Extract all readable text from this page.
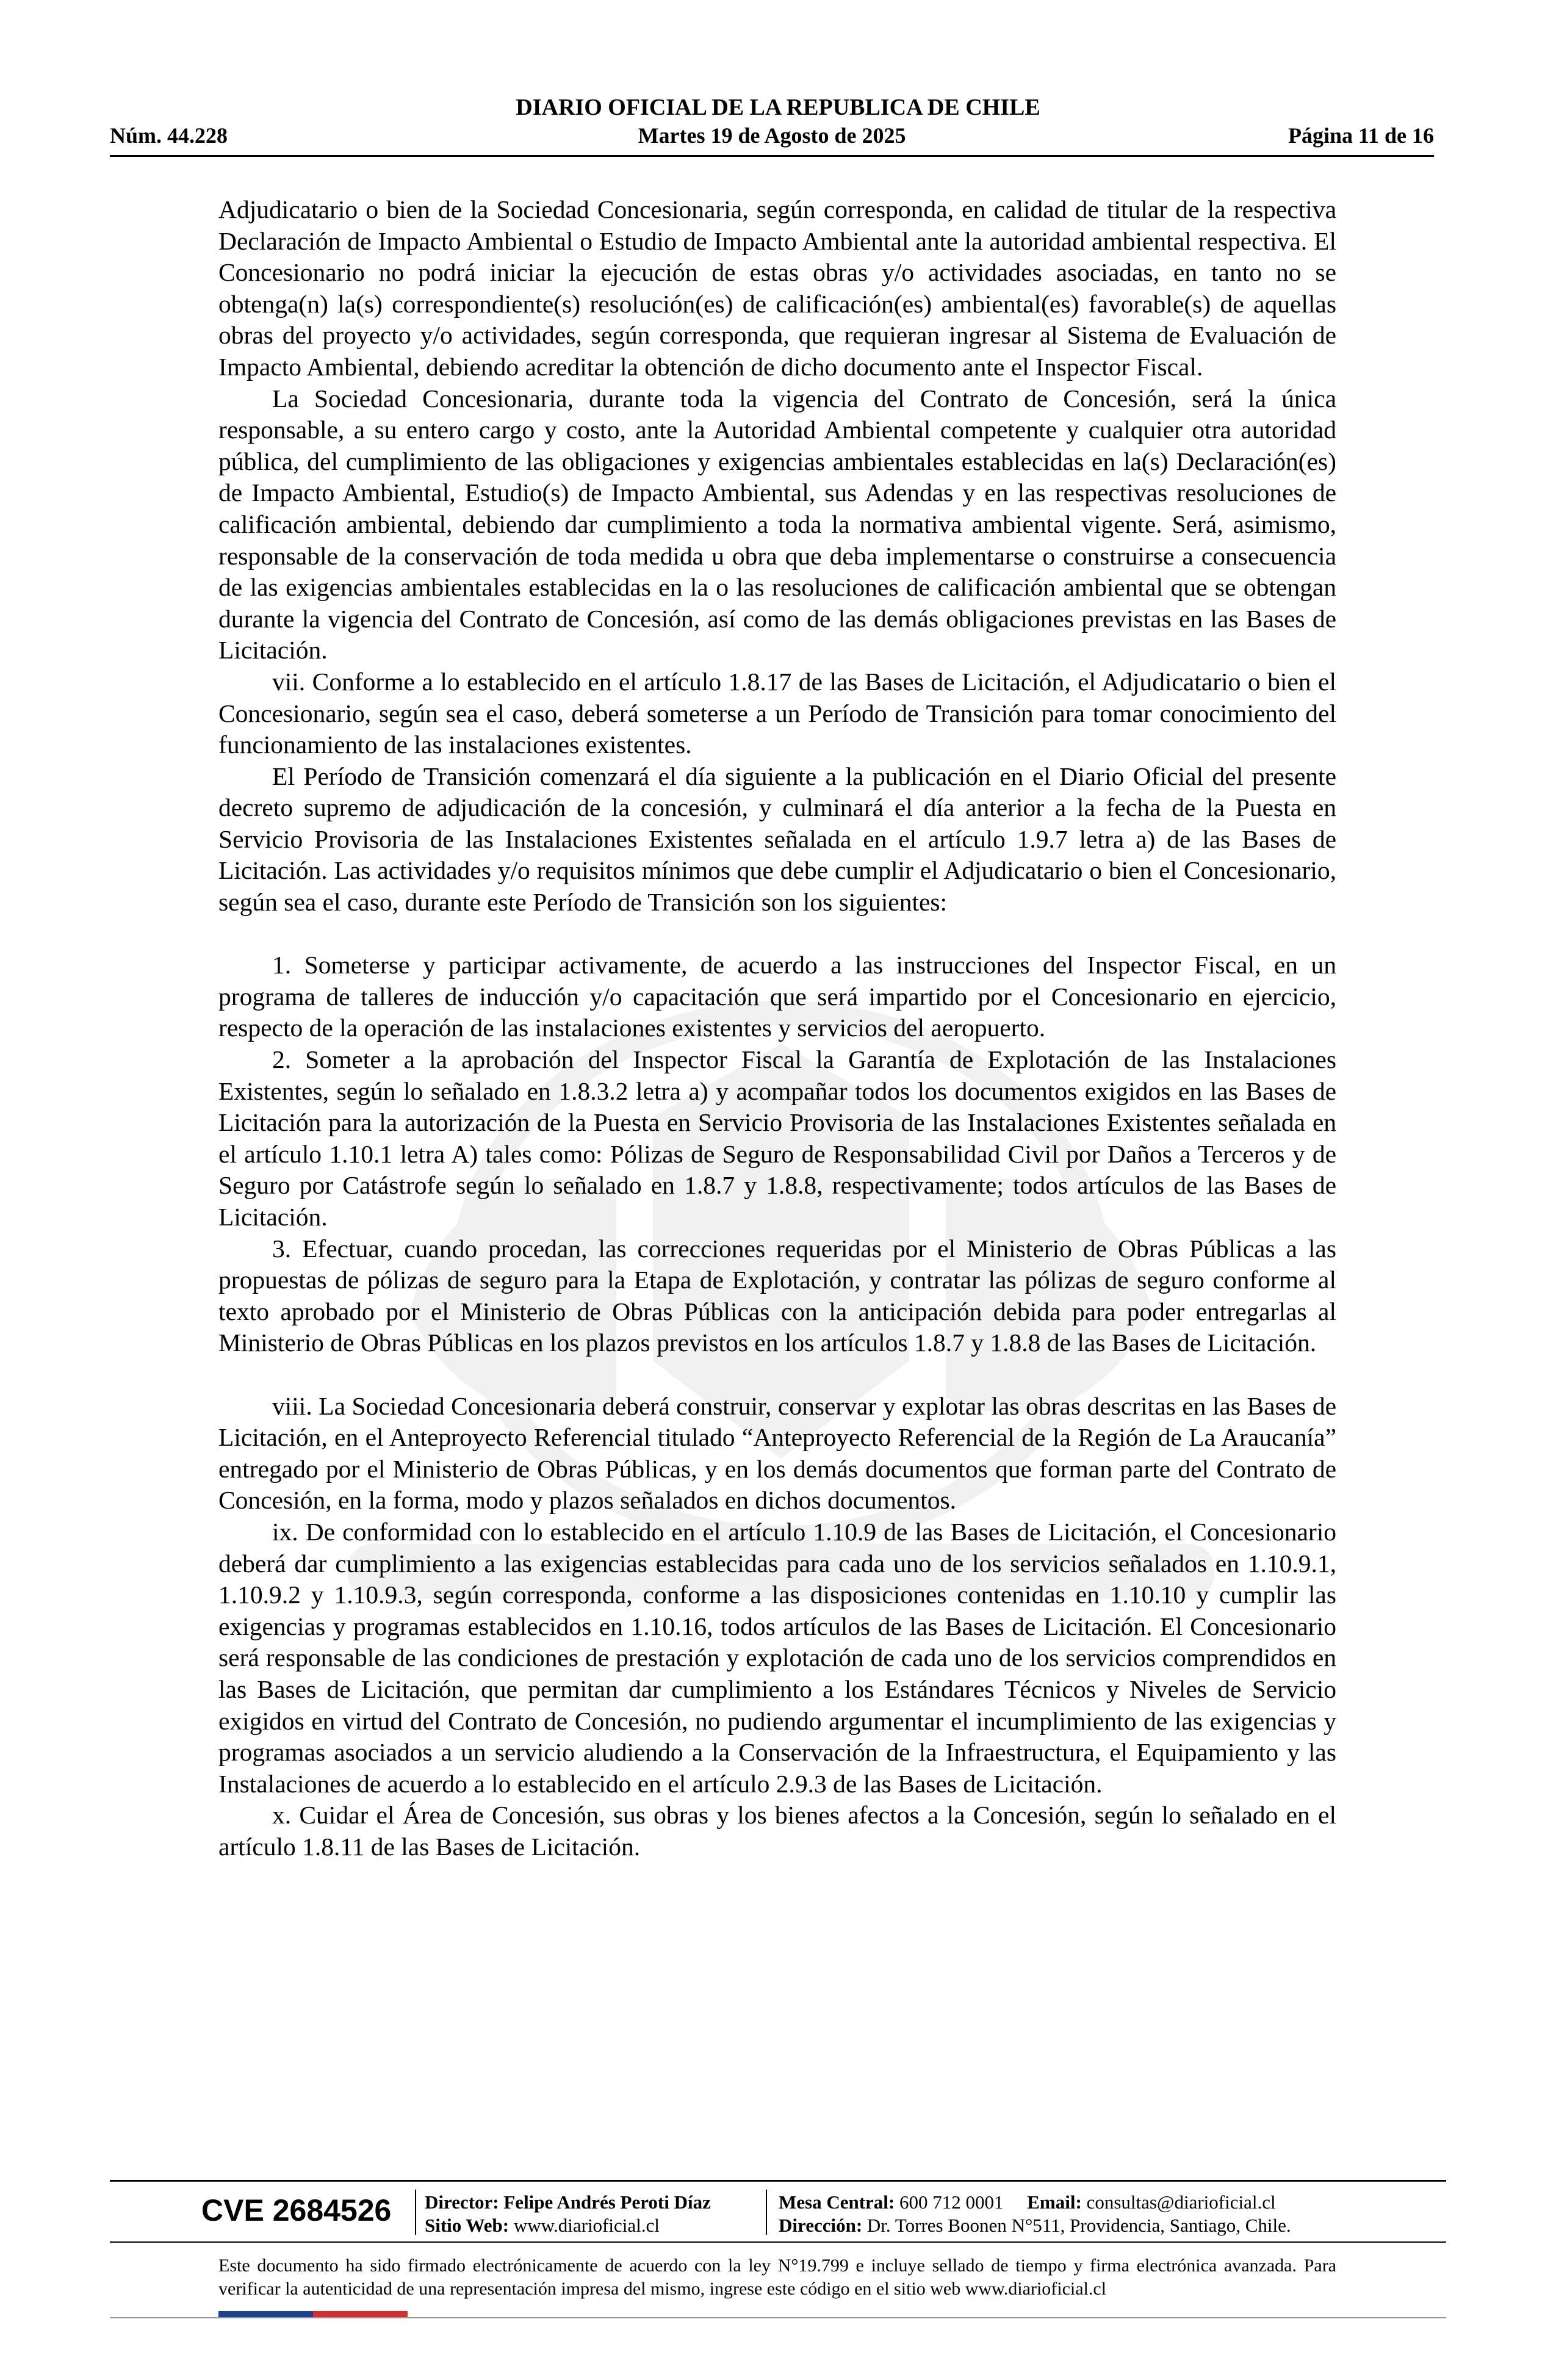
DIARIO OFICIAL DE LA REPUBLICA DE CHILE
Núm. 44.228	Martes 19 de Agosto de 2025	Página 11 de 16

Adjudicatario o bien de la Sociedad Concesionaria, según corresponda, en calidad de titular de la respectiva Declaración de Impacto Ambiental o Estudio de Impacto Ambiental ante la autoridad ambiental respectiva. El Concesionario no podrá iniciar la ejecución de estas obras y/o actividades asociadas, en tanto no se obtenga(n) la(s) correspondiente(s) resolución(es) de calificación(es) ambiental(es) favorable(s) de aquellas obras del proyecto y/o actividades, según corresponda, que requieran ingresar al Sistema de Evaluación de Impacto Ambiental, debiendo acreditar la obtención de dicho documento ante el Inspector Fiscal.

La Sociedad Concesionaria, durante toda la vigencia del Contrato de Concesión, será la única responsable, a su entero cargo y costo, ante la Autoridad Ambiental competente y cualquier otra autoridad pública, del cumplimiento de las obligaciones y exigencias ambientales establecidas en la(s) Declaración(es) de Impacto Ambiental, Estudio(s) de Impacto Ambiental, sus Adendas y en las respectivas resoluciones de calificación ambiental, debiendo dar cumplimiento a toda la normativa ambiental vigente. Será, asimismo, responsable de la conservación de toda medida u obra que deba implementarse o construirse a consecuencia de las exigencias ambientales establecidas en la o las resoluciones de calificación ambiental que se obtengan durante la vigencia del Contrato de Concesión, así como de las demás obligaciones previstas en las Bases de Licitación.

vii. Conforme a lo establecido en el artículo 1.8.17 de las Bases de Licitación, el Adjudicatario o bien el Concesionario, según sea el caso, deberá someterse a un Período de Transición para tomar conocimiento del funcionamiento de las instalaciones existentes.

El Período de Transición comenzará el día siguiente a la publicación en el Diario Oficial del presente decreto supremo de adjudicación de la concesión, y culminará el día anterior a la fecha de la Puesta en Servicio Provisoria de las Instalaciones Existentes señalada en el artículo 1.9.7 letra a) de las Bases de Licitación. Las actividades y/o requisitos mínimos que debe cumplir el Adjudicatario o bien el Concesionario, según sea el caso, durante este Período de Transición son los siguientes:

1. Someterse y participar activamente, de acuerdo a las instrucciones del Inspector Fiscal, en un programa de talleres de inducción y/o capacitación que será impartido por el Concesionario en ejercicio, respecto de la operación de las instalaciones existentes y servicios del aeropuerto.

2. Someter a la aprobación del Inspector Fiscal la Garantía de Explotación de las Instalaciones Existentes, según lo señalado en 1.8.3.2 letra a) y acompañar todos los documentos exigidos en las Bases de Licitación para la autorización de la Puesta en Servicio Provisoria de las Instalaciones Existentes señalada en el artículo 1.10.1 letra A) tales como: Pólizas de Seguro de Responsabilidad Civil por Daños a Terceros y de Seguro por Catástrofe según lo señalado en 1.8.7 y 1.8.8, respectivamente; todos artículos de las Bases de Licitación.

3. Efectuar, cuando procedan, las correcciones requeridas por el Ministerio de Obras Públicas a las propuestas de pólizas de seguro para la Etapa de Explotación, y contratar las pólizas de seguro conforme al texto aprobado por el Ministerio de Obras Públicas con la anticipación debida para poder entregarlas al Ministerio de Obras Públicas en los plazos previstos en los artículos 1.8.7 y 1.8.8 de las Bases de Licitación.

viii. La Sociedad Concesionaria deberá construir, conservar y explotar las obras descritas en las Bases de Licitación, en el Anteproyecto Referencial titulado “Anteproyecto Referencial de la Región de La Araucanía” entregado por el Ministerio de Obras Públicas, y en los demás documentos que forman parte del Contrato de Concesión, en la forma, modo y plazos señalados en dichos documentos.

ix. De conformidad con lo establecido en el artículo 1.10.9 de las Bases de Licitación, el Concesionario deberá dar cumplimiento a las exigencias establecidas para cada uno de los servicios señalados en 1.10.9.1, 1.10.9.2 y 1.10.9.3, según corresponda, conforme a las disposiciones contenidas en 1.10.10 y cumplir las exigencias y programas establecidos en 1.10.16, todos artículos de las Bases de Licitación. El Concesionario será responsable de las condiciones de prestación y explotación de cada uno de los servicios comprendidos en las Bases de Licitación, que permitan dar cumplimiento a los Estándares Técnicos y Niveles de Servicio exigidos en virtud del Contrato de Concesión, no pudiendo argumentar el incumplimiento de las exigencias y programas asociados a un servicio aludiendo a la Conservación de la Infraestructura, el Equipamiento y las Instalaciones de acuerdo a lo establecido en el artículo 2.9.3 de las Bases de Licitación.

x. Cuidar el Área de Concesión, sus obras y los bienes afectos a la Concesión, según lo señalado en el artículo 1.8.11 de las Bases de Licitación.

CVE 2684526 Director: Felipe Andrés Peroti Díaz
Sitio Web: www.diarioficial.cl
Mesa Central: 600 712 0001 Email: consultas@diarioficial.cl
Dirección: Dr. Torres Boonen N°511, Providencia, Santiago, Chile.

Este documento ha sido firmado electrónicamente de acuerdo con la ley N°19.799 e incluye sellado de tiempo y firma electrónica avanzada. Para verificar la autenticidad de una representación impresa del mismo, ingrese este código en el sitio web www.diarioficial.cl
